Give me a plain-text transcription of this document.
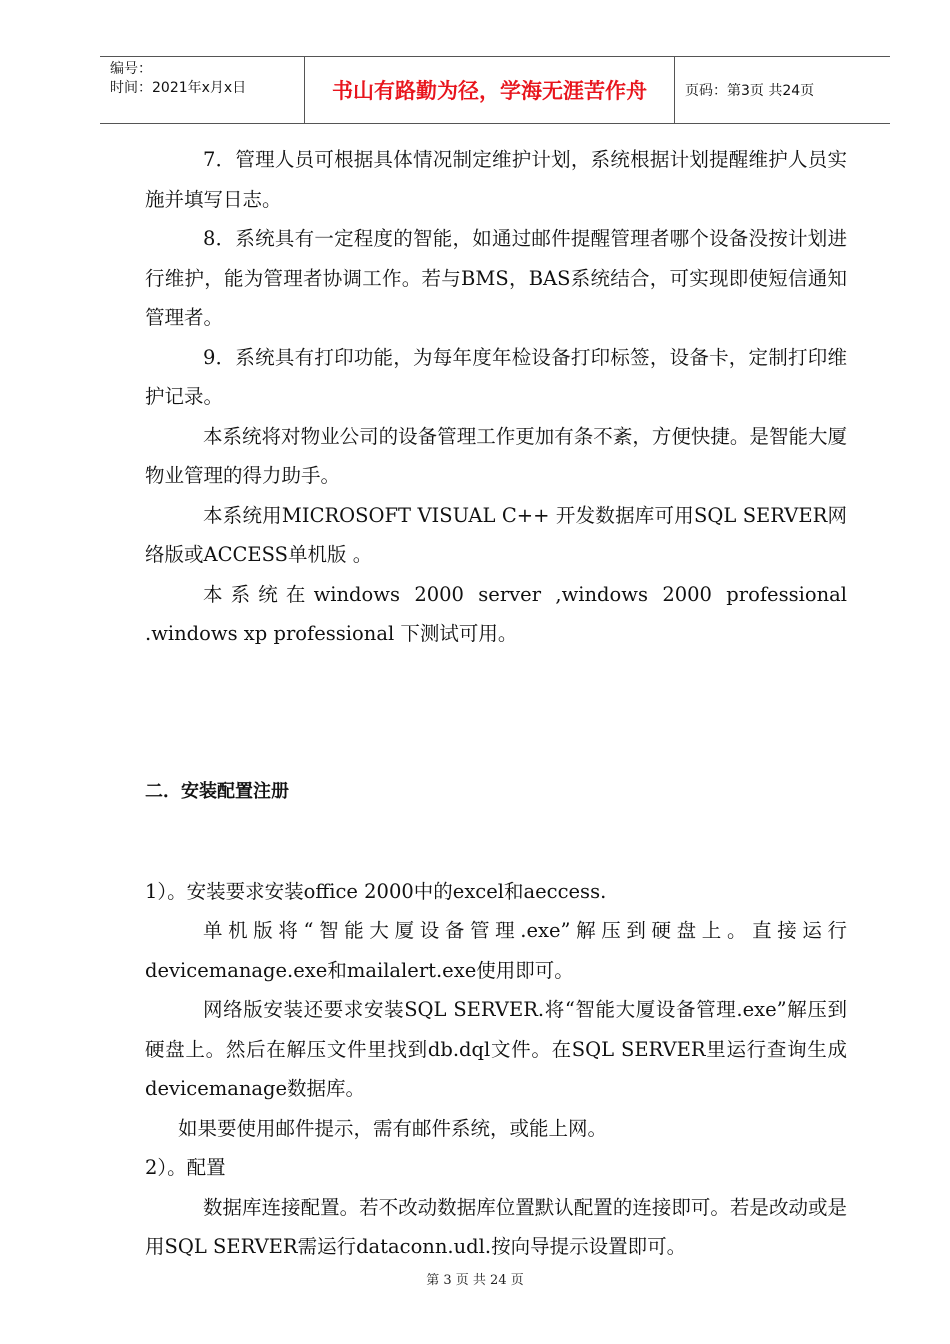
编号：
时间：2021年x月x日	书山有路勤为径，学海无涯苦作舟	页码：第3页 共24页

7．管理人员可根据具体情况制定维护计划，系统根据计划提醒维护人员实施并填写日志。

8．系统具有一定程度的智能，如通过邮件提醒管理者哪个设备没按计划进行维护，能为管理者协调工作。若与BMS，BAS系统结合，可实现即使短信通知管理者。

9．系统具有打印功能，为每年度年检设备打印标签，设备卡，定制打印维护记录。

本系统将对物业公司的设备管理工作更加有条不紊，方便快捷。是智能大厦物业管理的得力助手。

本系统用MICROSOFT VISUAL C++ 开发数据库可用SQL SERVER网络版或ACCESS单机版 。

本系统在windows 2000 server ,windows 2000 professional .windows xp professional 下测试可用。

二．安装配置注册

1）。安装要求安装office 2000中的excel和aeccess.

单机版将“智能大厦设备管理.exe”解压到硬盘上。直接运行devicemanage.exe和mailalert.exe使用即可。

网络版安装还要求安装SQL SERVER.将“智能大厦设备管理.exe”解压到硬盘上。然后在解压文件里找到db.dql文件。在SQL SERVER里运行查询生成devicemanage数据库。

如果要使用邮件提示，需有邮件系统，或能上网。

2）。配置

数据库连接配置。若不改动数据库位置默认配置的连接即可。若是改动或是用SQL SERVER需运行dataconn.udl.按向导提示设置即可。

第 3 页 共 24 页
